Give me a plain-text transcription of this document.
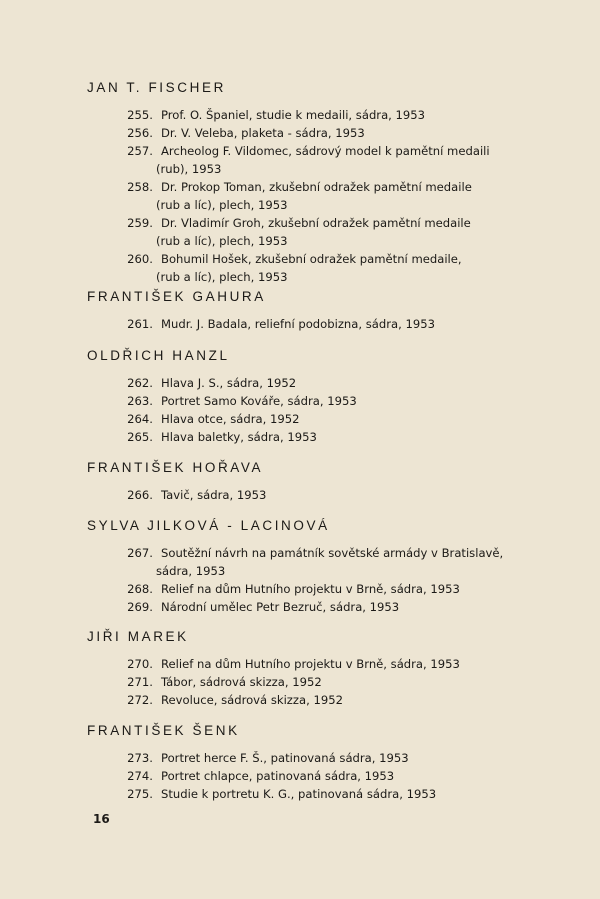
16
JAN T. FISCHER
255. Prof. O. Španiel, studie k medaili, sádra, 1953
256. Dr. V. Veleba, plaketa - sádra, 1953
257. Archeolog F. Vildomec, sádrový model k pamětní medaili
(rub), 1953
258. Dr. Prokop Toman, zkušební odražek pamětní medaile
(rub a líc), plech, 1953
259. Dr. Vladimír Groh, zkušební odražek pamětní medaile
(rub a líc), plech, 1953
260. Bohumil Hošek, zkušební odražek pamětní medaile,
(rub a líc), plech, 1953
FRANTIŠEK GAHURA
261. Mudr. J. Badala, reliefní podobizna, sádra, 1953
OLDŘICH HANZL
262. Hlava J. S., sádra, 1952
263. Portret Samo Kováře, sádra, 1953
264. Hlava otce, sádra, 1952
265. Hlava baletky, sádra, 1953
FRANTIŠEK HOŘAVA
266. Tavič, sádra, 1953
SYLVA JILKOVÁ - LACINOVÁ
267. Soutěžní návrh na památník sovětské armády v Bratislavě,
sádra, 1953
268. Relief na dům Hutního projektu v Brně, sádra, 1953
269. Národní umělec Petr Bezruč, sádra, 1953
JIŘI MAREK
270. Relief na dům Hutního projektu v Brně, sádra, 1953
271. Tábor, sádrová skizza, 1952
272. Revoluce, sádrová skizza, 1952
FRANTIŠEK ŠENK
273. Portret herce F. Š., patinovaná sádra, 1953
274. Portret chlapce, patinovaná sádra, 1953
275. Studie k portretu K. G., patinovaná sádra, 1953
